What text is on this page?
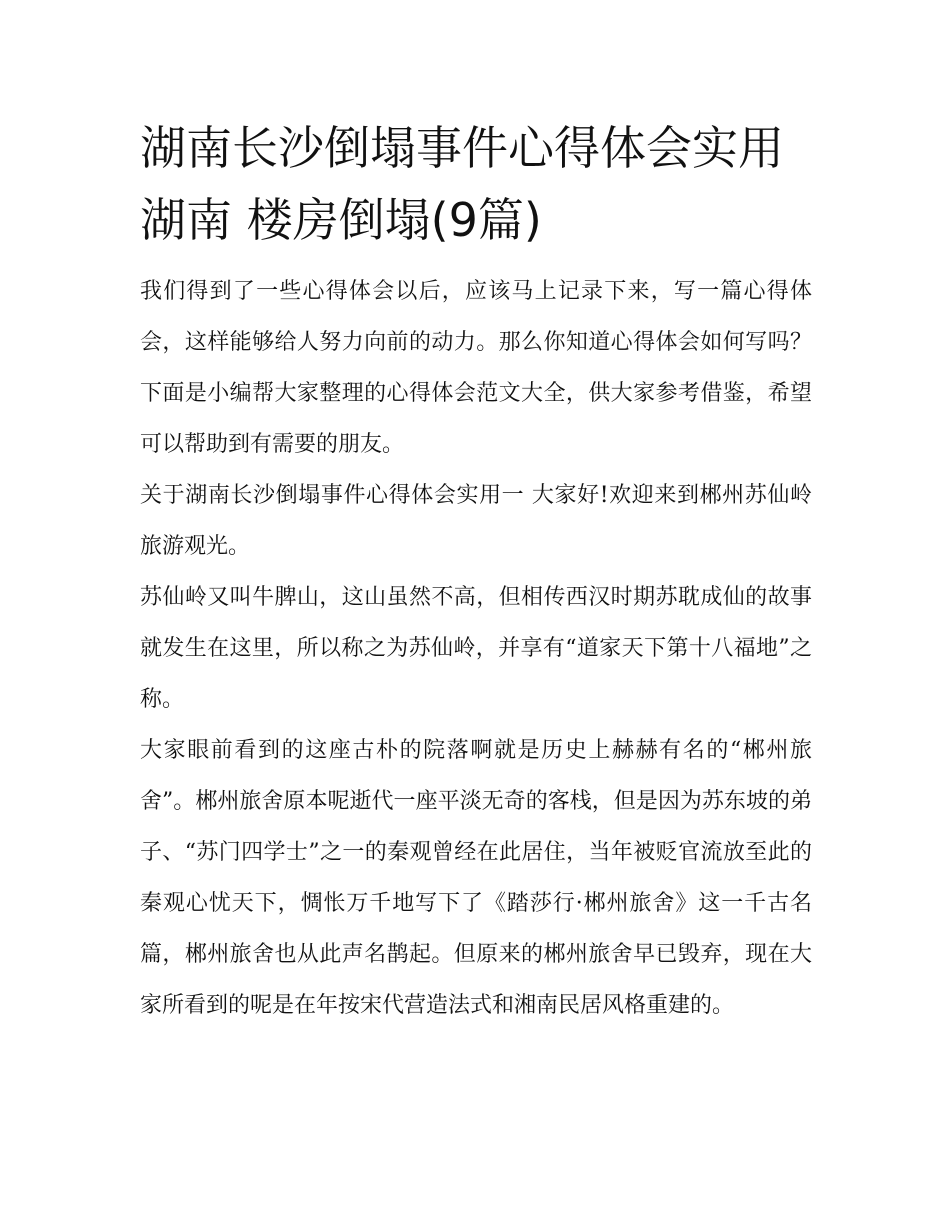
湖南长沙倒塌事件心得体会实用 湖南 楼房倒塌(9篇)

我们得到了一些心得体会以后，应该马上记录下来，写一篇心得体会，这样能够给人努力向前的动力。那么你知道心得体会如何写吗？下面是小编帮大家整理的心得体会范文大全，供大家参考借鉴，希望可以帮助到有需要的朋友。

关于湖南长沙倒塌事件心得体会实用一 大家好!欢迎来到郴州苏仙岭旅游观光。

苏仙岭又叫牛脾山，这山虽然不高，但相传西汉时期苏耽成仙的故事就发生在这里，所以称之为苏仙岭，并享有“道家天下第十八福地”之称。

大家眼前看到的这座古朴的院落啊就是历史上赫赫有名的“郴州旅舍”。郴州旅舍原本呢逝代一座平淡无奇的客栈，但是因为苏东坡的弟子、“苏门四学士”之一的秦观曾经在此居住，当年被贬官流放至此的秦观心忧天下，惆怅万千地写下了《踏莎行·郴州旅舍》这一千古名篇，郴州旅舍也从此声名鹊起。但原来的郴州旅舍早已毁弃，现在大家所看到的呢是在年按宋代营造法式和湘南民居风格重建的。
